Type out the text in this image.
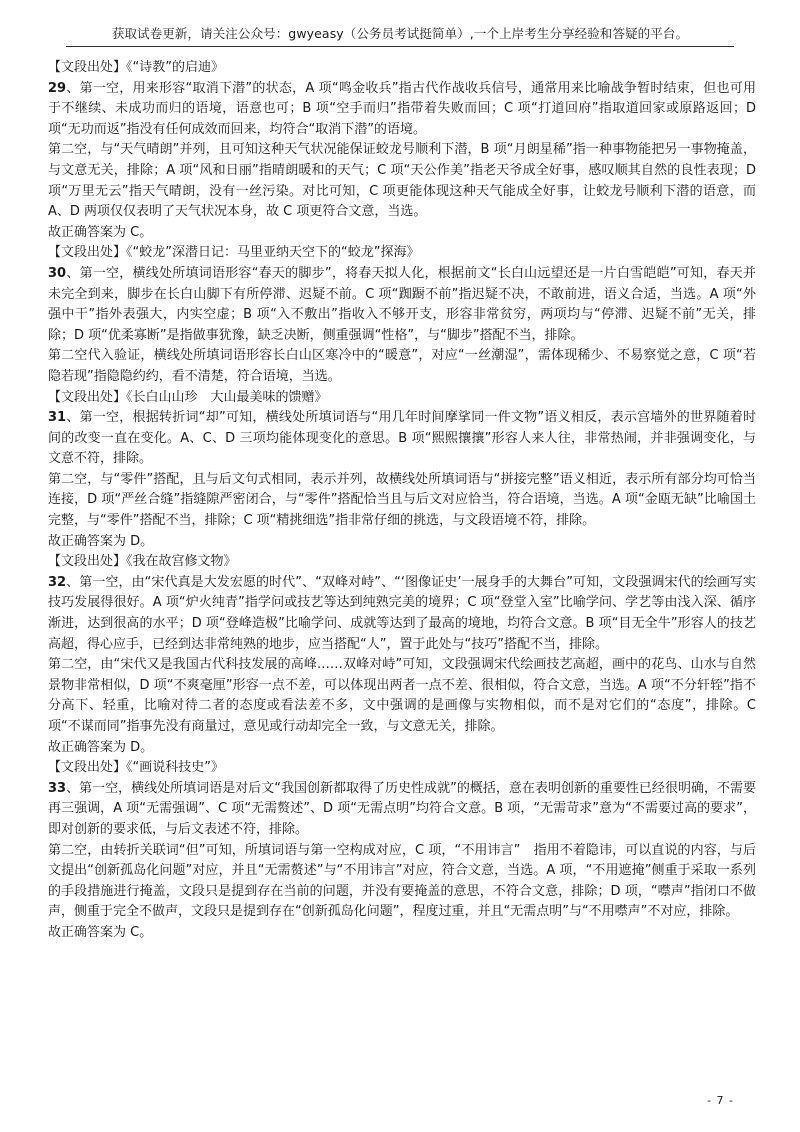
获取试卷更新，请关注公众号：gwyeasy（公务员考试挺简单）,一个上岸考生分享经验和答疑的平台。

【文段出处】《“诗教”的启迪》

29、第一空，用来形容“取消下潜”的状态，A 项“鸣金收兵”指古代作战收兵信号，通常用来比喻战争暂时结束，但也可用于不继续、未成功而归的语境，语意也可；B 项“空手而归”指带着失败而回；C 项“打道回府”指取道回家或原路返回；D 项“无功而返”指没有任何成效而回来，均符合“取消下潜”的语境。

第二空，与“天气晴朗”并列，且可知这种天气状况能保证蛟龙号顺利下潜，B 项“月朗星稀”指一种事物能把另一事物掩盖，与文意无关，排除；A 项“风和日丽”指晴朗暖和的天气；C 项“天公作美”指老天爷成全好事，感叹顺其自然的良性表现；D 项“万里无云”指天气晴朗，没有一丝污染。对比可知，C 项更能体现这种天气能成全好事，让蛟龙号顺利下潜的语意，而 A、D 两项仅仅表明了天气状况本身，故 C 项更符合文意，当选。

故正确答案为 C。

【文段出处】《“蛟龙”深潜日记：马里亚纳天空下的“蛟龙”探海》

30、第一空，横线处所填词语形容“春天的脚步”，将春天拟人化，根据前文“长白山远望还是一片白雪皑皑”可知，春天并未完全到来，脚步在长白山脚下有所停滞、迟疑不前。C 项“踟蹰不前”指迟疑不决，不敢前进，语义合适，当选。A 项“外强中干”指外表强大，内实空虚；B 项“入不敷出”指收入不够开支，形容非常贫穷，两项均与“停滞、迟疑不前”无关，排除；D 项“优柔寡断”是指做事犹豫，缺乏决断，侧重强调“性格”，与“脚步”搭配不当，排除。

第二空代入验证，横线处所填词语形容长白山区寒冷中的“暖意”，对应“一丝潮湿”，需体现稀少、不易察觉之意，C 项“若隐若现”指隐隐约约，看不清楚，符合语境，当选。

【文段出处】《长白山山珍　大山最美味的馈赠》

31、第一空，根据转折词“却”可知，横线处所填词语与“用几年时间摩挲同一件文物”语义相反，表示宫墙外的世界随着时间的改变一直在变化。A、C、D 三项均能体现变化的意思。B 项“熙熙攘攘”形容人来人往，非常热闹，并非强调变化，与文意不符，排除。

第二空，与“零件”搭配，且与后文句式相同，表示并列，故横线处所填词语与“拼接完整”语义相近，表示所有部分均可恰当连接，D 项“严丝合缝”指缝隙严密闭合，与“零件”搭配恰当且与后文对应恰当，符合语境，当选。A 项“金瓯无缺”比喻国土完整，与“零件”搭配不当，排除；C 项“精挑细选”指非常仔细的挑选，与文段语境不符，排除。

故正确答案为 D。

【文段出处】《我在故宫修文物》

32、第一空，由“宋代真是大发宏愿的时代”、“双峰对峙”、“‘图像证史’一展身手的大舞台”可知，文段强调宋代的绘画写实技巧发展得很好。A 项“炉火纯青”指学问或技艺等达到纯熟完美的境界；C 项“登堂入室”比喻学问、学艺等由浅入深、循序渐进，达到很高的水平；D 项“登峰造极”比喻学问、成就等达到了最高的境地，均符合文意。B 项“目无全牛”形容人的技艺高超，得心应手，已经到达非常纯熟的地步，应当搭配“人”，置于此处与“技巧”搭配不当，排除。

第二空，由“宋代又是我国古代科技发展的高峰……双峰对峙”可知，文段强调宋代绘画技艺高超，画中的花鸟、山水与自然景物非常相似，D 项“不爽毫厘”形容一点不差，可以体现出两者一点不差、很相似，符合文意，当选。A 项“不分轩轾”指不分高下、轻重，比喻对待二者的态度或看法差不多，文中强调的是画像与实物相似，而不是对它们的“态度”，排除。C 项“不谋而同”指事先没有商量过，意见或行动却完全一致，与文意无关，排除。

故正确答案为 D。

【文段出处】《“画说科技史”》

33、第一空，横线处所填词语是对后文“我国创新都取得了历史性成就”的概括，意在表明创新的重要性已经很明确，不需要再三强调，A 项“无需强调”、C 项“无需赘述”、D 项“无需点明”均符合文意。B 项，“无需苛求”意为“不需要过高的要求”，即对创新的要求低，与后文表述不符，排除。

第二空，由转折关联词“但”可知，所填词语与第一空构成对应，C 项，“不用讳言”　指用不着隐讳，可以直说的内容，与后文提出“创新孤岛化问题”对应，并且“无需赘述”与“不用讳言”对应，符合文意，当选。A 项，“不用遮掩”侧重于采取一系列的手段措施进行掩盖，文段只是提到存在当前的问题，并没有要掩盖的意思，不符合文意，排除；D 项，“噤声”指闭口不做声，侧重于完全不做声，文段只是提到存在“创新孤岛化问题”，程度过重，并且“无需点明”与“不用噤声”不对应，排除。

故正确答案为 C。

- 7 -
